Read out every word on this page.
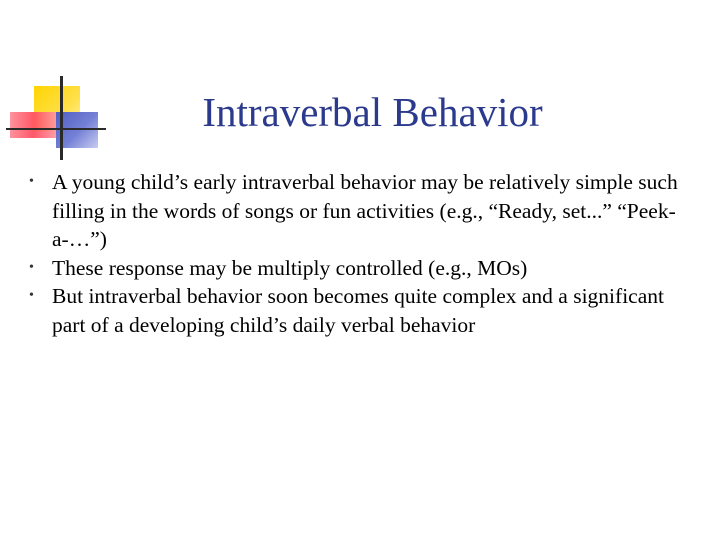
Intraverbal Behavior
• A young child’s early intraverbal behavior may be relatively simple such filling in the words of songs or fun activities (e.g., “Ready, set...” “Peek-a-…”)
• These response may be multiply controlled (e.g., MOs)
• But intraverbal behavior soon becomes quite complex and a significant part of a developing child’s daily verbal behavior
